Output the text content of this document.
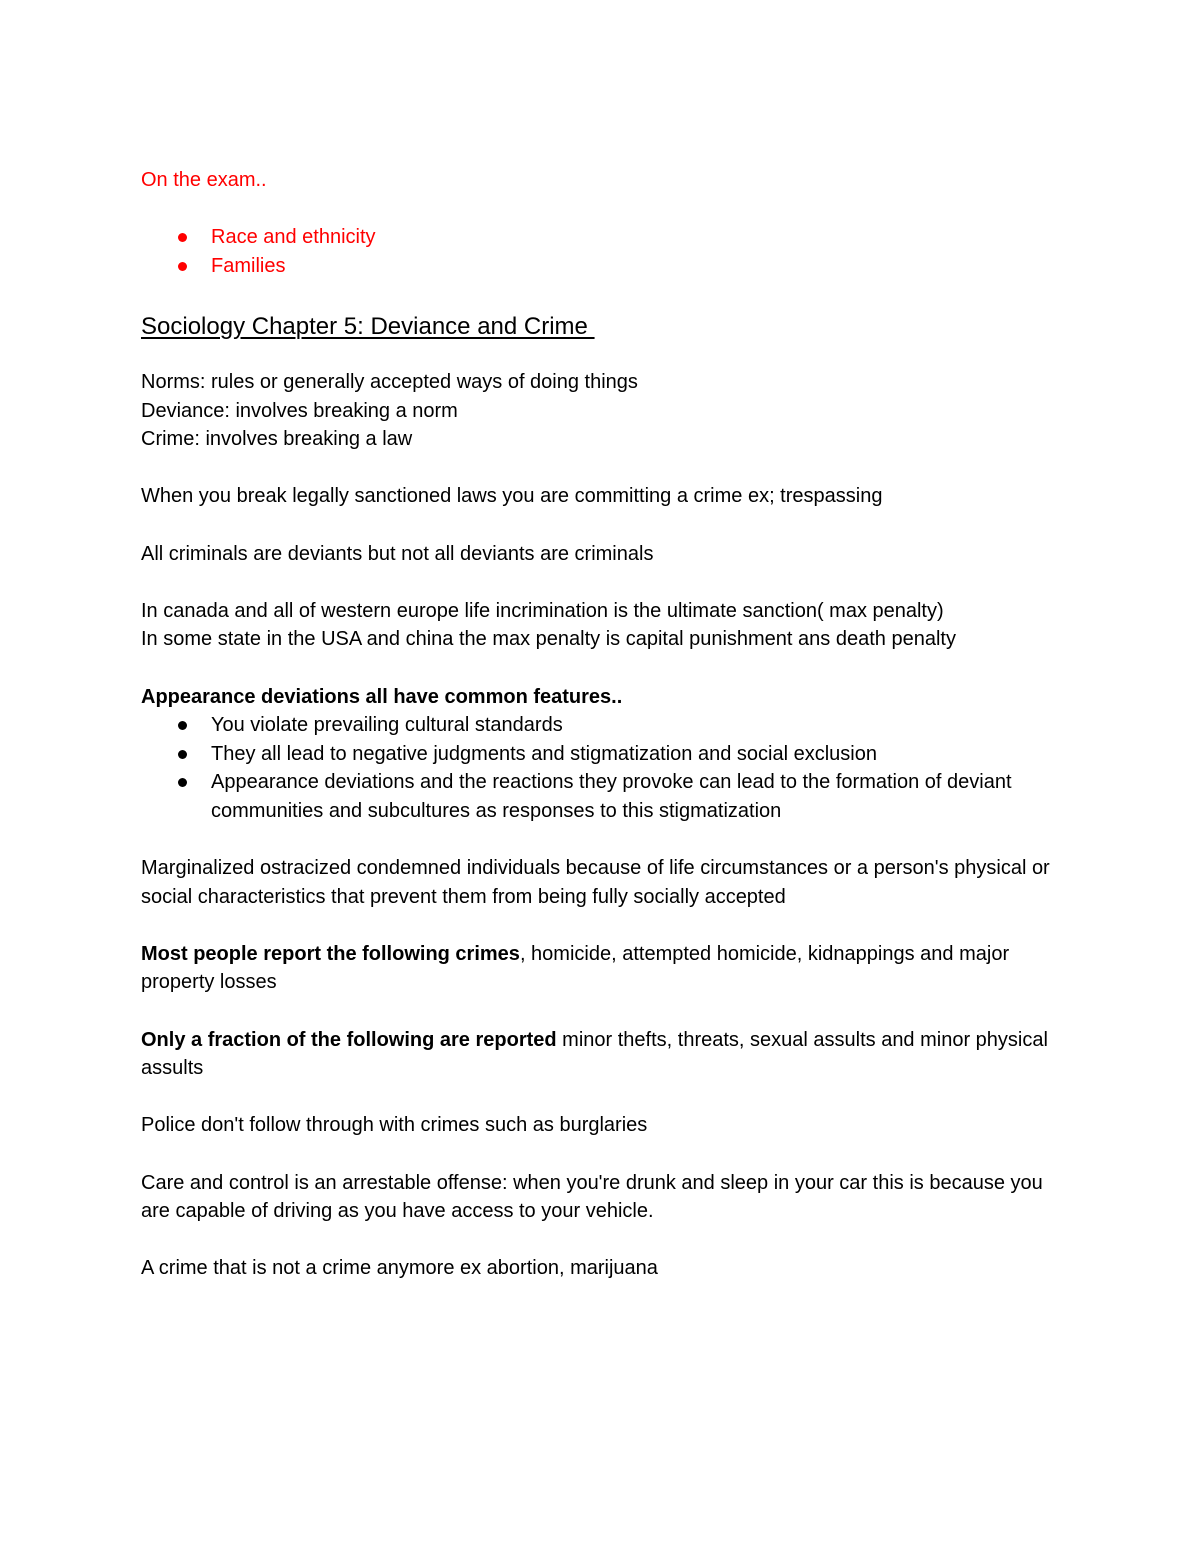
On the exam..

Race and ethnicity
Families

Sociology Chapter 5: Deviance and Crime

Norms: rules or generally accepted ways of doing things

Deviance: involves breaking a norm

Crime: involves breaking a law

When you break legally sanctioned laws you are committing a crime ex; trespassing

All criminals are deviants but not all deviants are criminals

In canada and all of western europe life incrimination is the ultimate sanction( max penalty)

In some state in the USA and china the max penalty is capital punishment ans death penalty

Appearance deviations all have common features..

You violate prevailing cultural standards
They all lead to negative judgments and stigmatization and social exclusion
Appearance deviations and the reactions they provoke can lead to the formation of deviant communities and subcultures as responses to this stigmatization

Marginalized ostracized condemned individuals because of life circumstances or a person's physical or social characteristics that prevent them from being fully socially accepted

Most people report the following crimes, homicide, attempted homicide, kidnappings and major property losses

Only a fraction of the following are reported minor thefts, threats, sexual assults and minor physical assults

Police don't follow through with crimes such as burglaries

Care and control is an arrestable offense: when you're drunk and sleep in your car this is because you are capable of driving as you have access to your vehicle.

A crime that is not a crime anymore ex abortion, marijuana
